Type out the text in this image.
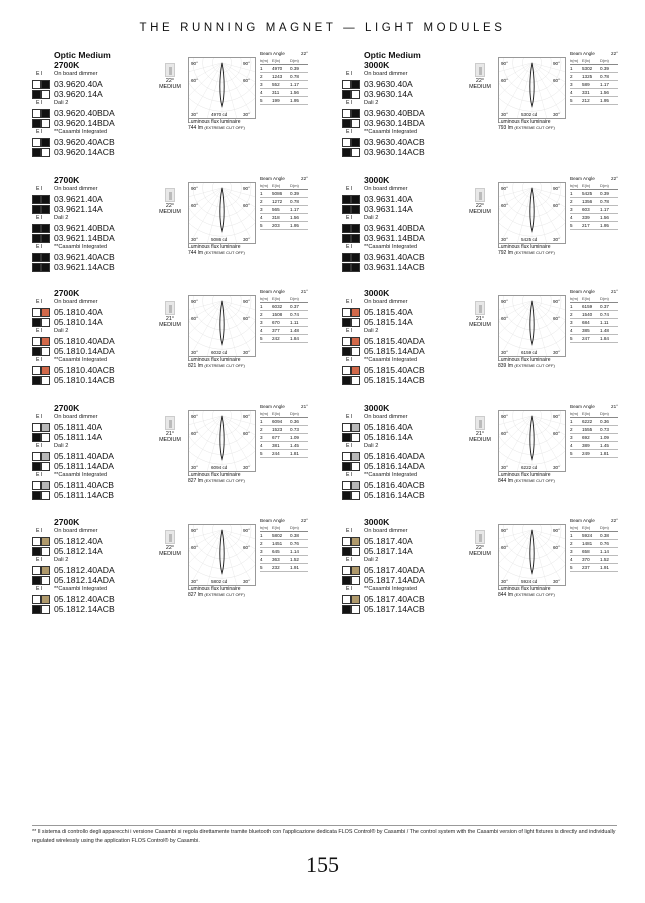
THE RUNNING MAGNET — LIGHT MODULES
Optic Medium
2700K
E I	On board dimmer
03.9620.40A
03.9620.14A
E I	Dali 2
03.9620.40BDA
03.9620.14BDA
E I	**Casambi Integrated
03.9620.40ACB
03.9620.14ACB
22°
MEDIUM
90°	90°
60°	60°
30°	30°
4970 cd
Luminous flux luminaire
744 lm (EXTREME CUT OFF)
Beam Angle	22°
h(m) E(lx)	D(m)
1	4970	0.39
2	1243	0.78
3	552	1.17
4	311	1.56
5	199	1.95
Optic Medium
3000K
E I	On board dimmer
03.9630.40A
03.9630.14A
E I	Dali 2
03.9630.40BDA
03.9630.14BDA
E I	**Casambi Integrated
03.9630.40ACB
03.9630.14ACB
22°
MEDIUM
90°	90°
60°	60°
30°	30°
5302 cd
Luminous flux luminaire
793 lm (EXTREME CUT OFF)
Beam Angle	22°
h(m) E(lx)	D(m)
1	5302	0.39
2	1325	0.78
3	589	1.17
4	331	1.56
5	212	1.95
2700K
E I	On board dimmer
03.9621.40A
03.9621.14A
E I	Dali 2
03.9621.40BDA
03.9621.14BDA
E I	**Casambi Integrated
03.9621.40ACB
03.9621.14ACB
22°
MEDIUM
90°	90°
60°	60°
30°	30°
5086 cd
Luminous flux luminaire
744 lm (EXTREME CUT OFF)
Beam Angle	22°
h(m) E(lx)	D(m)
1	5086	0.39
2	1272	0.78
3	565	1.17
4	318	1.56
5	203	1.95
3000K
E I	On board dimmer
03.9631.40A
03.9631.14A
E I	Dali 2
03.9631.40BDA
03.9631.14BDA
E I	**Casambi Integrated
03.9631.40ACB
03.9631.14ACB
22°
MEDIUM
90°	90°
60°	60°
30°	30°
5425 cd
Luminous flux luminaire
792 lm (EXTREME CUT OFF)
Beam Angle	22°
h(m) E(lx)	D(m)
1	5425	0.39
2	1356	0.78
3	603	1.17
4	339	1.56
5	217	1.95
2700K
E I	On board dimmer
05.1810.40A
05.1810.14A
E I	Dali 2
05.1810.40ADA
05.1810.14ADA
E I	**Casambi Integrated
05.1810.40ACB
05.1810.14ACB
21°
MEDIUM
90°	90°
60°	60°
30°	30°
6032 cd
Luminous flux luminaire
821 lm (EXTREME CUT OFF)
Beam Angle	21°
h(m) E(lx)	D(m)
1	6032	0.37
2	1508	0.74
3	670	1.11
4	377	1.48
5	242	1.84
3000K
E I	On board dimmer
05.1815.40A
05.1815.14A
E I	Dali 2
05.1815.40ADA
05.1815.14ADA
E I	**Casambi Integrated
05.1815.40ACB
05.1815.14ACB
21°
MEDIUM
90°	90°
60°	60°
30°	30°
6159 cd
Luminous flux luminaire
839 lm (EXTREME CUT OFF)
Beam Angle	21°
h(m) E(lx)	D(m)
1	6159	0.37
2	1540	0.74
3	684	1.11
4	385	1.48
5	247	1.84
2700K
E I	On board dimmer
05.1811.40A
05.1811.14A
E I	Dali 2
05.1811.40ADA
05.1811.14ADA
E I	**Casambi Integrated
05.1811.40ACB
05.1811.14ACB
21°
MEDIUM
90°	90°
60°	60°
30°	30°
6094 cd
Luminous flux luminaire
827 lm (EXTREME CUT OFF)
Beam Angle	21°
h(m) E(lx)	D(m)
1	6094	0.36
2	1523	0.73
3	677	1.09
4	381	1.45
5	244	1.81
3000K
E I	On board dimmer
05.1816.40A
05.1816.14A
E I	Dali 2
05.1816.40ADA
05.1816.14ADA
E I	**Casambi Integrated
05.1816.40ACB
05.1816.14ACB
21°
MEDIUM
90°	90°
60°	60°
30°	30°
6222 cd
Luminous flux luminaire
844 lm (EXTREME CUT OFF)
Beam Angle	21°
h(m) E(lx)	D(m)
1	6222	0.36
2	1555	0.73
3	692	1.09
4	389	1.45
5	249	1.81
2700K
E I	On board dimmer
05.1812.40A
05.1812.14A
E I	Dali 2
05.1812.40ADA
05.1812.14ADA
E I	**Casambi Integrated
05.1812.40ACB
05.1812.14ACB
22°
MEDIUM
90°	90°
60°	60°
30°	30°
5802 cd
Luminous flux luminaire
827 lm (EXTREME CUT OFF)
Beam Angle	22°
h(m) E(lx)	D(m)
1	5802	0.38
2	1451	0.76
3	645	1.14
4	363	1.52
5	232	1.91
3000K
E I	On board dimmer
05.1817.40A
05.1817.14A
E I	Dali 2
05.1817.40ADA
05.1817.14ADA
E I	**Casambi Integrated
05.1817.40ACB
05.1817.14ACB
22°
MEDIUM
90°	90°
60°	60°
30°	30°
5924 cd
Luminous flux luminaire
844 lm (EXTREME CUT OFF)
Beam Angle	22°
h(m) E(lx)	D(m)
1	5924	0.38
2	1481	0.76
3	658	1.14
4	370	1.52
5	237	1.91
** Il sistema di controllo degli apparecchi i versione Casambi si regola direttamente tramite bluetooth con l'applicazione dedicata FLOS Control® by Casambi / The control system with the Casambi version of light fixtures is directly and individually regulated wirelessly using the application FLOS Control® by Casambi.
155
